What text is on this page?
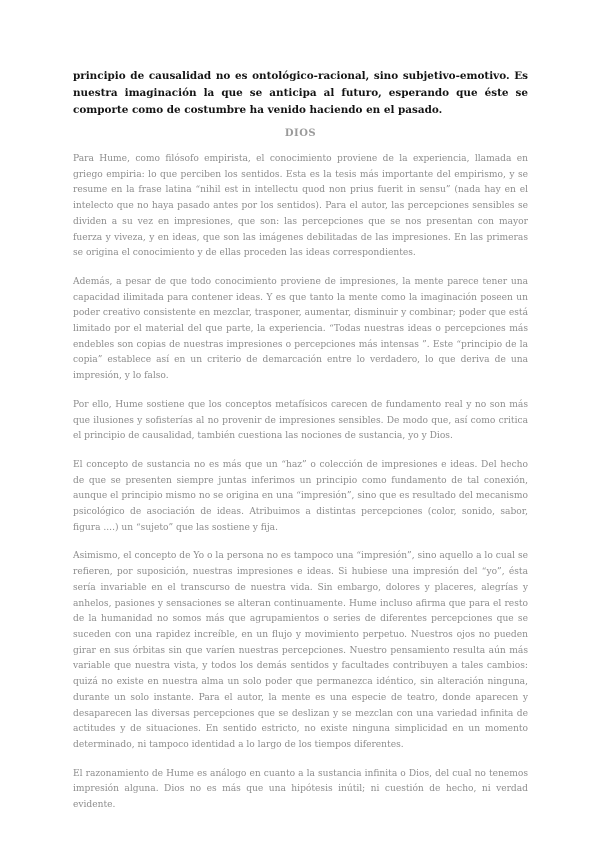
principio de causalidad no es ontológico-racional, sino subjetivo-emotivo. Es nuestra imaginación la que se anticipa al futuro, esperando que éste se comporte como de costumbre ha venido haciendo en el pasado.

DIOS

Para Hume, como filósofo empirista, el conocimiento proviene de la experiencia, llamada en griego empiria: lo que perciben los sentidos. Esta es la tesis más importante del empirismo, y se resume en la frase latina “nihil est in intellectu quod non prius fuerit in sensu” (nada hay en el intelecto que no haya pasado antes por los sentidos). Para el autor, las percepciones sensibles se dividen a su vez en impresiones, que son: las percepciones que se nos presentan con mayor fuerza y viveza, y en ideas, que son las imágenes debilitadas de las impresiones. En las primeras se origina el conocimiento y de ellas proceden las ideas correspondientes.

Además, a pesar de que todo conocimiento proviene de impresiones, la mente parece tener una capacidad ilimitada para contener ideas. Y es que tanto la mente como la imaginación poseen un poder creativo consistente en mezclar, trasponer, aumentar, disminuir y combinar; poder que está limitado por el material del que parte, la experiencia. “Todas nuestras ideas o percepciones más endebles son copias de nuestras impresiones o percepciones más intensas ”. Este “principio de la copia” establece así en un criterio de demarcación entre lo verdadero, lo que deriva de una impresión, y lo falso.

Por ello, Hume sostiene que los conceptos metafísicos carecen de fundamento real y no son más que ilusiones y sofisterías al no provenir de impresiones sensibles. De modo que, así como critica el principio de causalidad, también cuestiona las nociones de sustancia, yo y Dios.

El concepto de sustancia no es más que un “haz” o colección de impresiones e ideas. Del hecho de que se presenten siempre juntas inferimos un principio como fundamento de tal conexión, aunque el principio mismo no se origina en una “impresión”, sino que es resultado del mecanismo psicológico de asociación de ideas. Atribuimos a distintas percepciones (color, sonido, sabor, figura ....) un “sujeto” que las sostiene y fija.

Asimismo, el concepto de Yo o la persona no es tampoco una “impresión”, sino aquello a lo cual se refieren, por suposición, nuestras impresiones e ideas. Si hubiese una impresión del “yo”, ésta sería invariable en el transcurso de nuestra vida. Sin embargo, dolores y placeres, alegrías y anhelos, pasiones y sensaciones se alteran continuamente. Hume incluso afirma que para el resto de la humanidad no somos más que agrupamientos o series de diferentes percepciones que se suceden con una rapidez increíble, en un flujo y movimiento perpetuo. Nuestros ojos no pueden girar en sus órbitas sin que varíen nuestras percepciones. Nuestro pensamiento resulta aún más variable que nuestra vista, y todos los demás sentidos y facultades contribuyen a tales cambios: quizá no existe en nuestra alma un solo poder que permanezca idéntico, sin alteración ninguna, durante un solo instante. Para el autor, la mente es una especie de teatro, donde aparecen y desaparecen las diversas percepciones que se deslizan y se mezclan con una variedad infinita de actitudes y de situaciones. En sentido estricto, no existe ninguna simplicidad en un momento determinado, ni tampoco identidad a lo largo de los tiempos diferentes.

El razonamiento de Hume es análogo en cuanto a la sustancia infinita o Dios, del cual no tenemos impresión alguna. Dios no es más que una hipótesis inútil; ni cuestión de hecho, ni verdad evidente.
